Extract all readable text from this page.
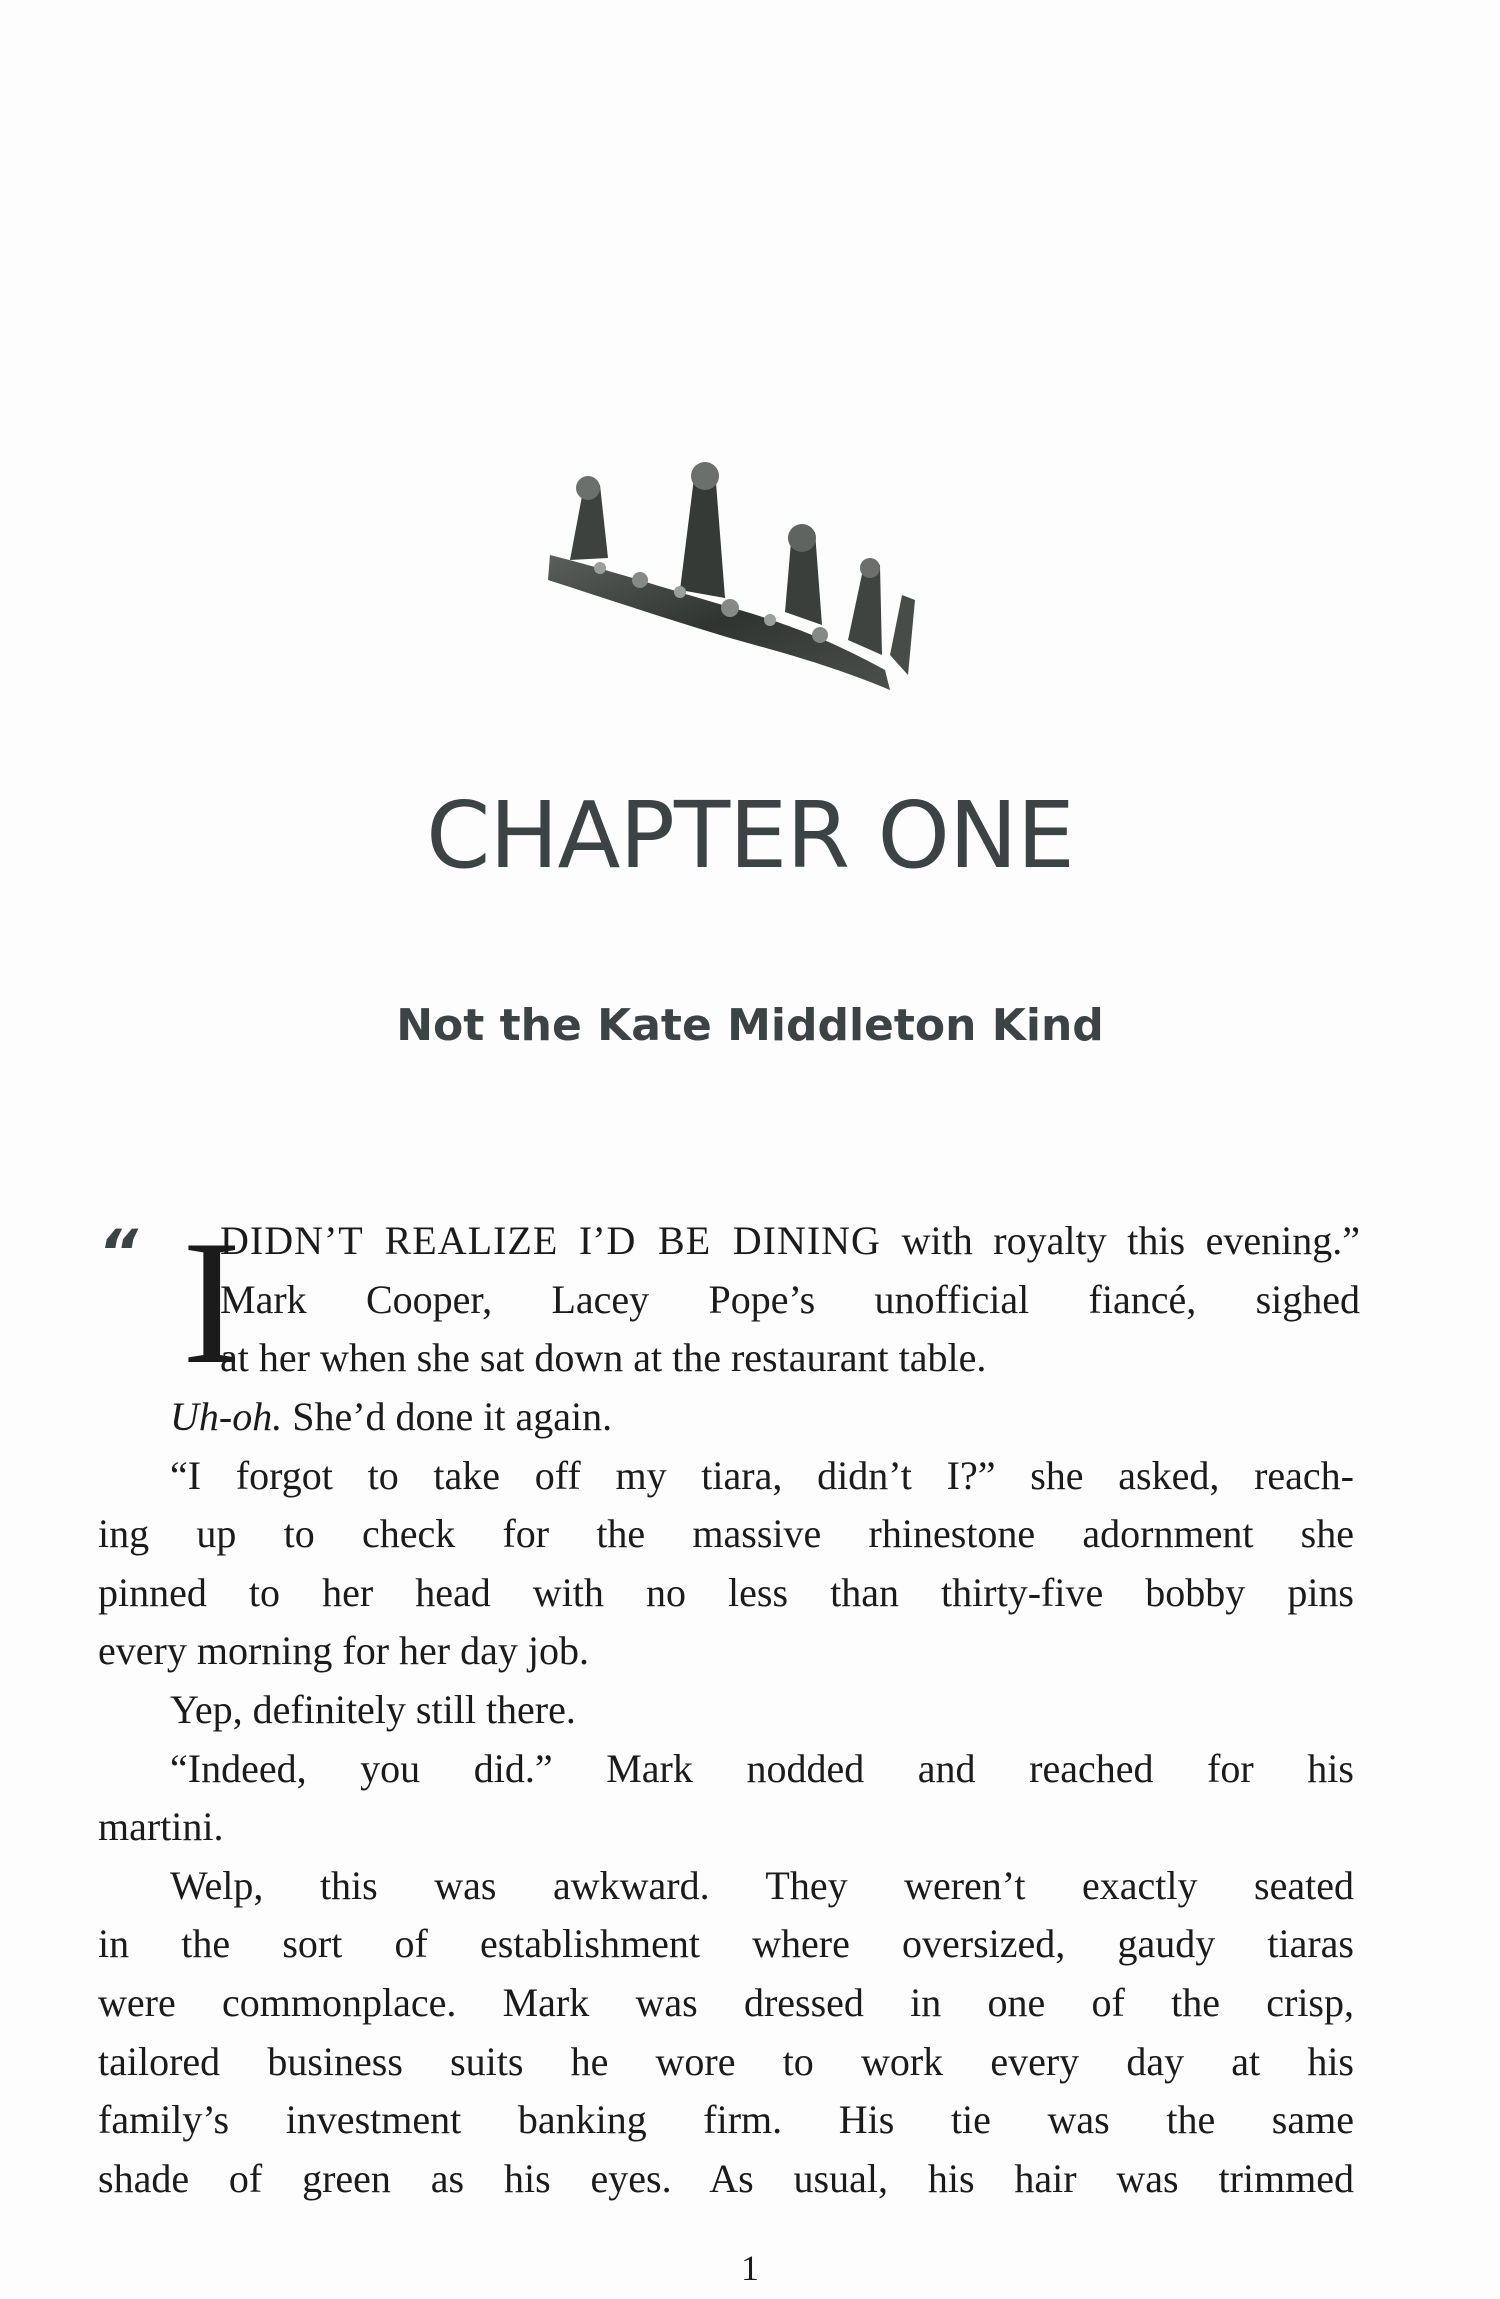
CHAPTER ONE
Not the Kate Middleton Kind
“ I
DIDN’T REALIZE I’D BE DINING with royalty this evening.”
Mark Cooper, Lacey Pope’s unofficial fiancé, sighed
at her when she sat down at the restaurant table.
Uh-oh. She’d done it again.
“I forgot to take off my tiara, didn’t I?” she asked, reach-
ing up to check for the massive rhinestone adornment she
pinned to her head with no less than thirty-five bobby pins
every morning for her day job.
Yep, definitely still there.
“Indeed, you did.” Mark nodded and reached for his
martini.
Welp, this was awkward. They weren’t exactly seated
in the sort of establishment where oversized, gaudy tiaras
were commonplace. Mark was dressed in one of the crisp,
tailored business suits he wore to work every day at his
family’s investment banking firm. His tie was the same
shade of green as his eyes. As usual, his hair was trimmed
1
